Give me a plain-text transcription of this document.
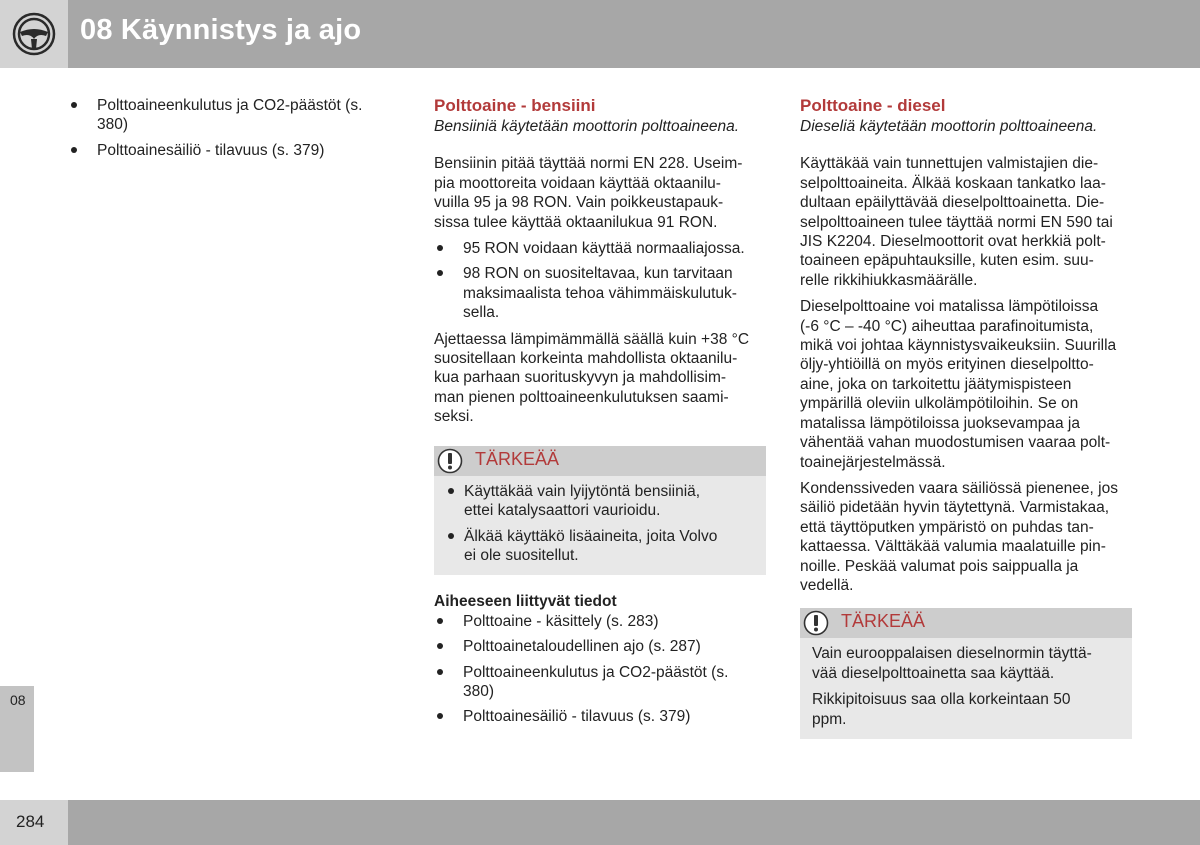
08 Käynnistys ja ajo
08
284
Polttoaineenkulutus ja CO2-päästöt (s. 380)
Polttoainesäiliö - tilavuus (s. 379)
Polttoaine - bensiini
Bensiiniä käytetään moottorin polttoaineena.

Bensiinin pitää täyttää normi EN 228. Useim-
pia moottoreita voidaan käyttää oktaanilu-
vuilla 95 ja 98 RON. Vain poikkeustapauk-
sissa tulee käyttää oktaanilukua 91 RON.

95 RON voidaan käyttää normaaliajossa.
98 RON on suositeltavaa, kun tarvitaan
maksimaalista tehoa vähimmäiskulutuk-
sella.

Ajettaessa lämpimämmällä säällä kuin +38 °C
suositellaan korkeinta mahdollista oktaanilu-
kua parhaan suorituskyvyn ja mahdollisim-
man pienen polttoaineenkulutuksen saami-
seksi.

TÄRKEÄÄ
Käyttäkää vain lyijytöntä bensiiniä,
ettei katalysaattori vaurioidu.
Älkää käyttäkö lisäaineita, joita Volvo
ei ole suositellut.
Aiheeseen liittyvät tiedot
Polttoaine - käsittely (s. 283)
Polttoainetaloudellinen ajo (s. 287)
Polttoaineenkulutus ja CO2-päästöt (s.
380)
Polttoainesäiliö - tilavuus (s. 379)
Polttoaine - diesel
Dieseliä käytetään moottorin polttoaineena.

Käyttäkää vain tunnettujen valmistajien die-
selpolttoaineita. Älkää koskaan tankatko laa-
dultaan epäilyttävää dieselpolttoainetta. Die-
selpolttoaineen tulee täyttää normi EN 590 tai
JIS K2204. Dieselmoottorit ovat herkkiä polt-
toaineen epäpuhtauksille, kuten esim. suu-
relle rikkihiukkasmäärälle.

Dieselpolttoaine voi matalissa lämpötiloissa
(-6 °C – -40 °C) aiheuttaa parafinoitumista,
mikä voi johtaa käynnistysvaikeuksiin. Suurilla
öljy-yhtiöillä on myös erityinen dieselpoltto-
aine, joka on tarkoitettu jäätymispisteen
ympärillä oleviin ulkolämpötiloihin. Se on
matalissa lämpötiloissa juoksevampaa ja
vähentää vahan muodostumisen vaaraa polt-
toainejärjestelmässä.

Kondenssiveden vaara säiliössä pienenee, jos
säiliö pidetään hyvin täytettynä. Varmistakaa,
että täyttöputken ympäristö on puhdas tan-
kattaessa. Välttäkää valumia maalatuille pin-
noille. Peskää valumat pois saippualla ja
vedellä.

TÄRKEÄÄ

Vain eurooppalaisen dieselnormin täyttä-
vää dieselpolttoainetta saa käyttää.

Rikkipitoisuus saa olla korkeintaan 50
ppm.
